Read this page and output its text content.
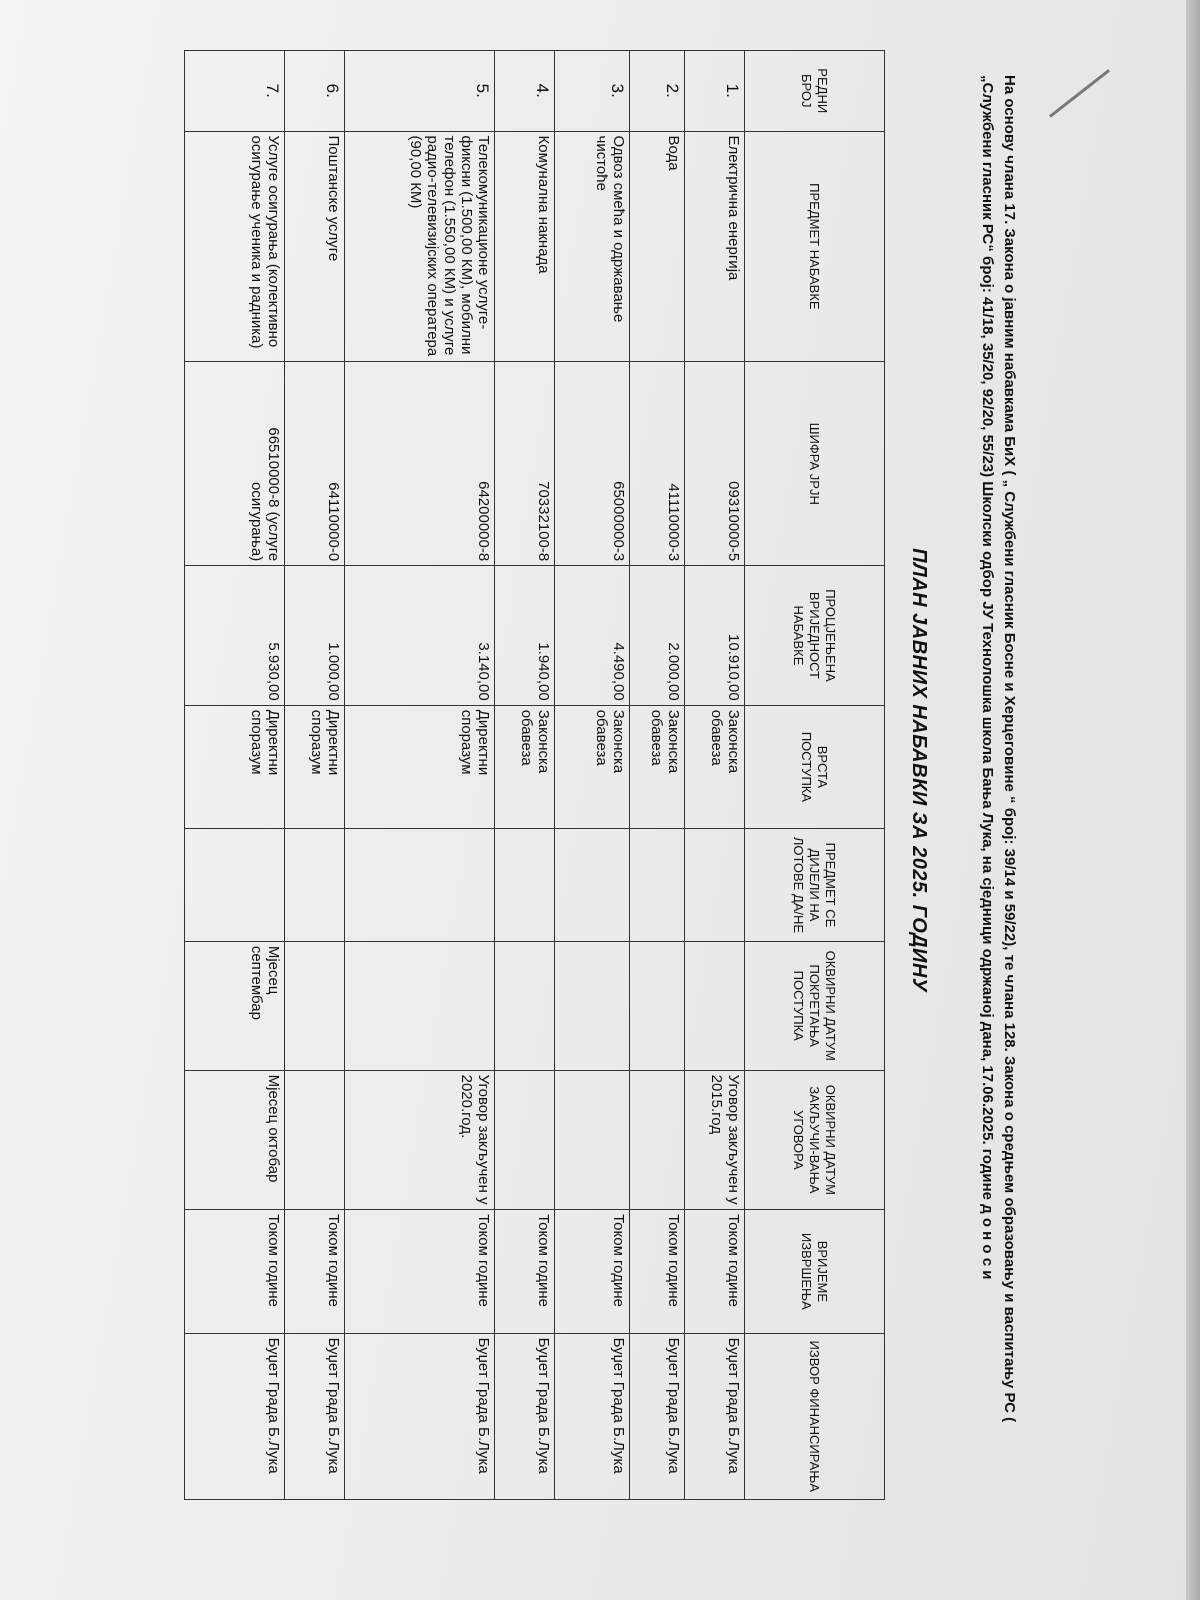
На основу члана 17. Закона о јавним набавкама БиХ ( „ Службени гласник Босне и Херцеговине “ број: 39/14 и 59/22), те члана 128. Закона о средњем образовању и васпитању РС ( „Службени гласник РС“ број: 41/18, 35/20, 92/20, 55/23) Школски одбор ЈУ Технолошка школа Бања Лука, на сједници одржаној дана, 17.06.2025. године д о н о с и
ПЛАН ЈАВНИХ НАБАВКИ ЗА 2025. ГОДИНУ
РЕДНИ БРОЈ	ПРЕДМЕТ НАБАВКЕ	ШИФРА ЈРЈН	ПРОЦЈЕЊЕНА ВРИЈЕДНОСТ НАБАВКЕ	ВРСТА ПОСТУПКА	ПРЕДМЕТ СЕ ДИЈЕЛИ НА ЛОТОВЕ ДА/НЕ	ОКВИРНИ ДАТУМ ПОКРЕТАЊА ПОСТУПКА	ОКВИРНИ ДАТУМ ЗАКЉУЧИ-ВАЊА УГОВОРА	ВРИЈЕМЕ ИЗВРШЕЊА	ИЗВОР ФИНАНСИРАЊА
1.	Електрична енергија	09310000-5	10.910,00	Законска обавеза			Уговор закључен у 2015.год	Током године	Буџет Града Б.Лука
2.	Вода	41110000-3	2.000,00	Законска обавеза				Током године	Буџет Града Б.Лука
3.	Одвоз смећа и одржавање чистоће	65000000-3	4.490,00	Законска обавеза				Током године	Буџет Града Б.Лука
4.	Комунална накнада	70332100-8	1.940,00	Законска обавеза				Током године	Буџет Града Б.Лука
5.	Телекомуникационе услуге- фиксни (1.500,00 КМ), мобилни телефон (1.550,00 КМ) и услуге радио-телевизијских оператера (90,00 КМ)	64200000-8	3.140,00	Директни споразум			Уговор закључен у 2020.год.	Током године	Буџет Града Б.Лука
6.	Поштанске услуге	64110000-0	1.000,00	Директни споразум				Током године	Буџет Града Б.Лука
7.	Услуге осигурања (колективно осигурање ученика и радника)	66510000-8 (услуге осигурања)	5.930,00	Директни споразум		Мјесец септембар	Мјесец октобар	Током године	Буџет Града Б.Лука
